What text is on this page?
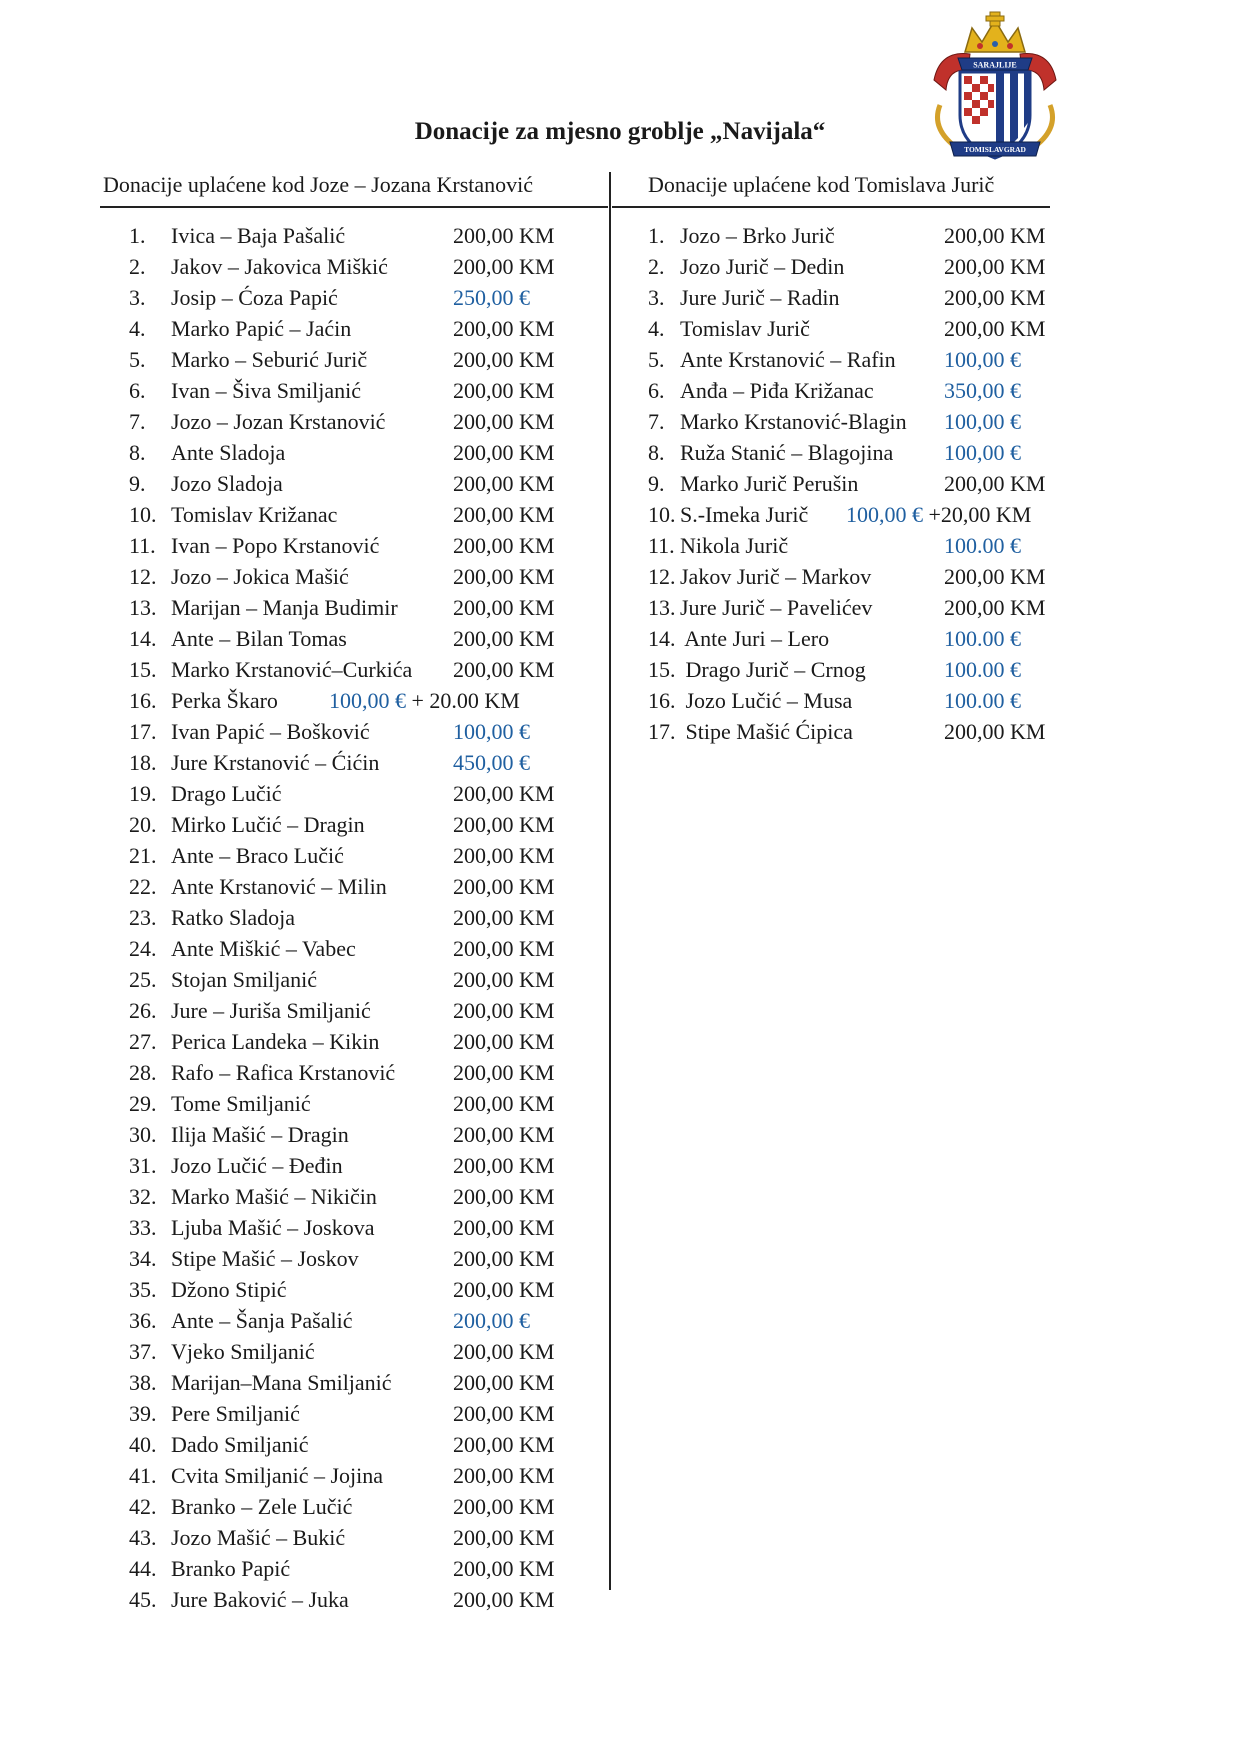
Donacije za mjesno groblje „Navijala“
SARAJLIJE
TOMISLAVGRAD
Donacije uplaćene kod Joze – Jozana Krstanović	Donacije uplaćene kod Tomislava Jurič
1. Ivica – Baja Pašalić	200,00 KM
2. Jakov – Jakovica Miškić	200,00 KM
3. Josip – Ćoza Papić	250,00 €
4. Marko Papić – Jaćin	200,00 KM
5. Marko – Seburić Jurič	200,00 KM
6. Ivan – Šiva Smiljanić	200,00 KM
7. Jozo – Jozan Krstanović	200,00 KM
8. Ante Sladoja	200,00 KM
9. Jozo Sladoja	200,00 KM
10. Tomislav Križanac	200,00 KM
11. Ivan – Popo Krstanović	200,00 KM
12. Jozo – Jokica Mašić	200,00 KM
13. Marijan – Manja Budimir	200,00 KM
14. Ante – Bilan Tomas	200,00 KM
15. Marko Krstanović–Curkića 200,00 KM
16. Perka Škaro 100,00 € + 20.00 KM
17. Ivan Papić – Bošković	100,00 €
18. Jure Krstanović – Ćićin	450,00 €
19. Drago Lučić	200,00 KM
20. Mirko Lučić – Dragin	200,00 KM
21. Ante – Braco Lučić	200,00 KM
22. Ante Krstanović – Milin	200,00 KM
23. Ratko Sladoja	200,00 KM
24. Ante Miškić – Vabec	200,00 KM
25. Stojan Smiljanić	200,00 KM
26. Jure – Juriša Smiljanić	200,00 KM
27. Perica Landeka – Kikin	200,00 KM
28. Rafo – Rafica Krstanović	200,00 KM
29. Tome Smiljanić	200,00 KM
30. Ilija Mašić – Dragin	200,00 KM
31. Jozo Lučić – Đeđin	200,00 KM
32. Marko Mašić – Nikičin	200,00 KM
33. Ljuba Mašić – Joskova	200,00 KM
34. Stipe Mašić – Joskov	200,00 KM
35. Džono Stipić	200,00 KM
36. Ante – Šanja Pašalić	200,00 €
37. Vjeko Smiljanić	200,00 KM
38. Marijan–Mana Smiljanić	200,00 KM
39. Pere Smiljanić	200,00 KM
40. Dado Smiljanić	200,00 KM
41. Cvita Smiljanić – Jojina	200,00 KM
42. Branko – Zele Lučić	200,00 KM
43. Jozo Mašić – Bukić	200,00 KM
44. Branko Papić	200,00 KM
45. Jure Baković – Juka	200,00 KM
1. Jozo – Brko Jurič	200,00 KM
2. Jozo Jurič – Dedin	200,00 KM
3. Jure Jurič – Radin	200,00 KM
4. Tomislav Jurič	200,00 KM
5. Ante Krstanović – Rafin 100,00 €
6. Anđa – Piđa Križanac	350,00 €
7. Marko Krstanović-Blagin 100,00 €
8. Ruža Stanić – Blagojina 100,00 €
9. Marko Jurič Perušin	200,00 KM
10. S.-Imeka Jurič 100,00 € +20,00 KM
11. Nikola Jurič	100.00 €
12. Jakov Jurič – Markov	200,00 KM
13. Jure Jurič – Pavelićev	200,00 KM
14. Ante Juri – Lero	100.00 €
15. Drago Jurič – Crnog	100.00 €
16. Jozo Lučić – Musa	100.00 €
17. Stipe Mašić Ćipica	200,00 KM
